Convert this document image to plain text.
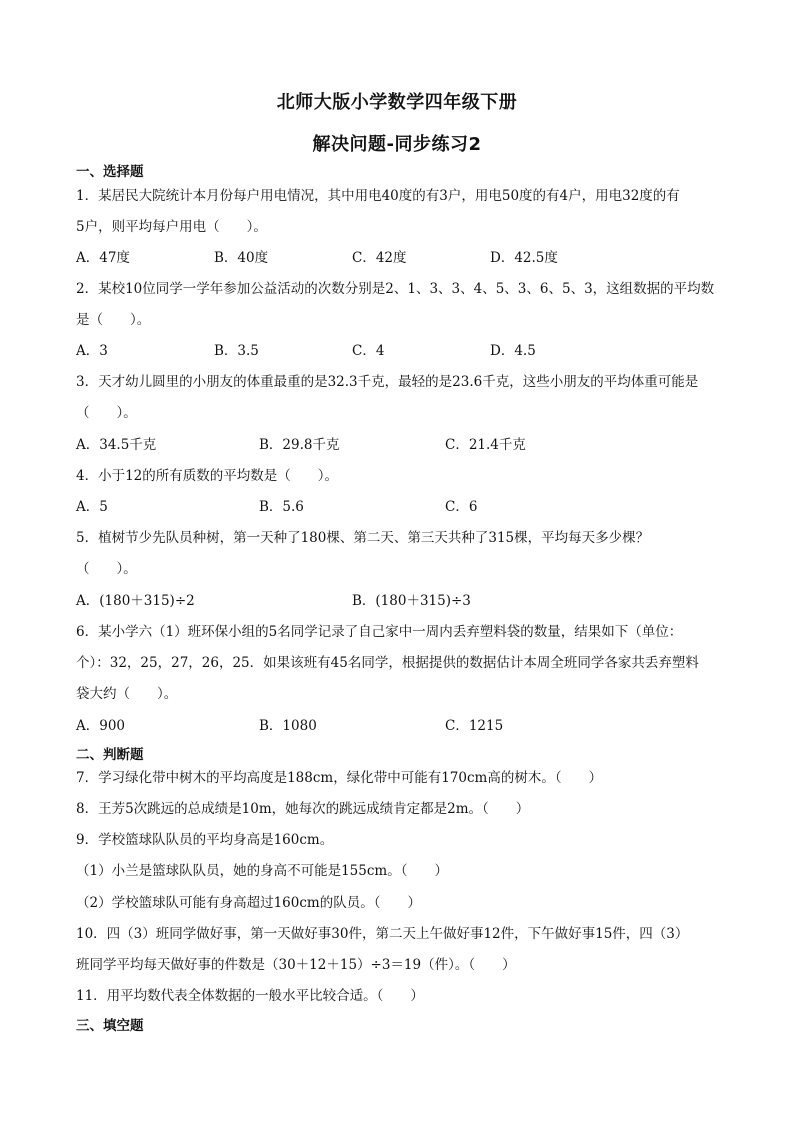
北师大版小学数学四年级下册
解决问题-同步练习2
一、选择题
1．某居民大院统计本月份每户用电情况，其中用电40度的有3户，用电50度的有4户，用电32度的有
5户，则平均每户用电（　　）。
A．47度	B．40度	C．42度	D．42.5度
2．某校10位同学一学年参加公益活动的次数分别是2、1、3、3、4、5、3、6、5、3，这组数据的平均数
是（　　）。
A．3	B．3.5	C．4	D．4.5
3．天才幼儿圆里的小朋友的体重最重的是32.3千克，最轻的是23.6千克，这些小朋友的平均体重可能是
（　　）。
A．34.5千克	B．29.8千克	C．21.4千克
4．小于12的所有质数的平均数是（　　）。
A．5	B．5.6	C．6
5．植树节少先队员种树，第一天种了180棵、第二天、第三天共种了315棵，平均每天多少棵？
（　　）。
A．(180＋315)÷2	B．(180＋315)÷3
6．某小学六（1）班环保小组的5名同学记录了自己家中一周内丢弃塑料袋的数量，结果如下（单位：
个）：32，25，27，26，25．如果该班有45名同学，根据提供的数据估计本周全班同学各家共丢弃塑料
袋大约（　　）。
A．900	B．1080	C．1215
二、判断题
7．学习绿化带中树木的平均高度是188cm，绿化带中可能有170cm高的树木。（　　）
8．王芳5次跳远的总成绩是10m，她每次的跳远成绩肯定都是2m。（　　）
9．学校篮球队队员的平均身高是160cm。
（1）小兰是篮球队队员，她的身高不可能是155cm。（　　）
（2）学校篮球队可能有身高超过160cm的队员。（　　）
10．四（3）班同学做好事，第一天做好事30件，第二天上午做好事12件，下午做好事15件，四（3）
班同学平均每天做好事的件数是（30＋12＋15）÷3＝19（件）。（　　）
11．用平均数代表全体数据的一般水平比较合适。（　　）
三、填空题
